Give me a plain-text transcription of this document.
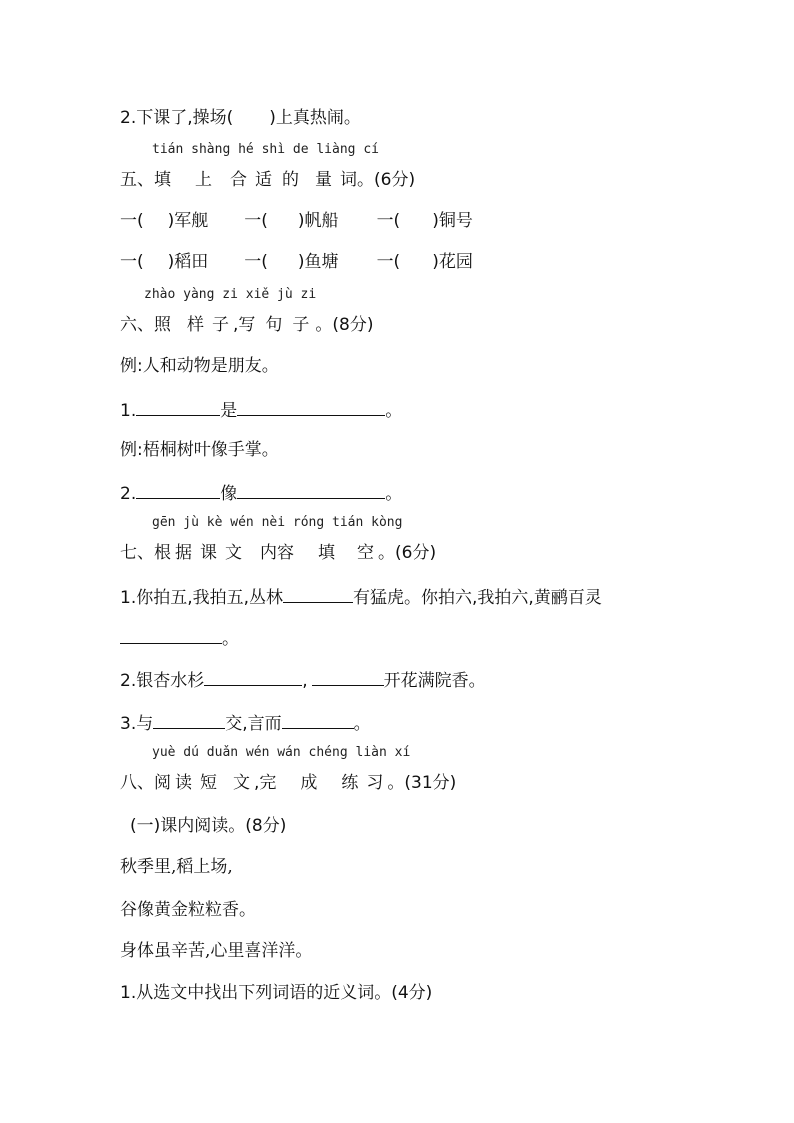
2.下课了,操场( )上真热闹。
tián shàng hé shì de liàng cí
五、填 上 合 适 的 量 词。(6分)
一( )军舰 一( )帆船 一( )铜号
一( )稻田 一( )鱼塘 一( )花园
zhào yàng zi xiě jù zi
六、照 样 子 ,写 句 子 。(8分)
例:人和动物是朋友。
1.	是	。
例:梧桐树叶像手掌。
2.	像	。
gēn jù kè wén nèi róng tián kòng
七、根 据 课 文 内容 填 空 。(6分)
1.你拍五,我拍五,丛林	有猛虎。你拍六,我拍六,黄鹂百灵
。
2.银杏水杉	,	开花满院香。
3.与	交,言而	。
yuè dú duǎn wén wán chéng liàn xí
八、阅 读 短 文 ,完 成 练 习 。(31分)
(一)课内阅读。(8分)
秋季里,稻上场,
谷像黄金粒粒香。
身体虽辛苦,心里喜洋洋。
1.从选文中找出下列词语的近义词。(4分)
